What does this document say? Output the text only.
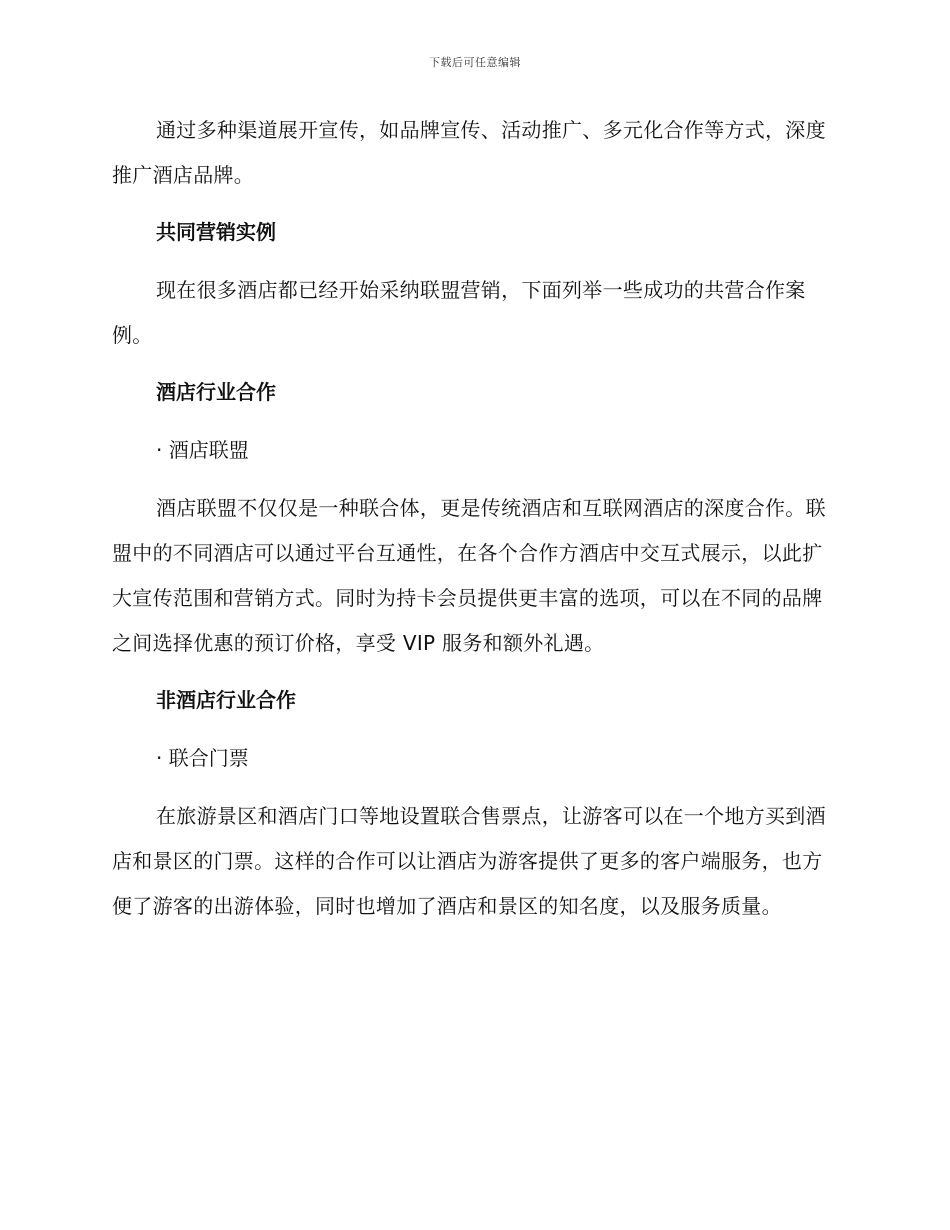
下载后可任意编辑

通过多种渠道展开宣传，如品牌宣传、活动推广、多元化合作等方式，深度推广酒店品牌。

共同营销实例

现在很多酒店都已经开始采纳联盟营销，下面列举一些成功的共营合作案例。

酒店行业合作
· 酒店联盟

酒店联盟不仅仅是一种联合体，更是传统酒店和互联网酒店的深度合作。联盟中的不同酒店可以通过平台互通性，在各个合作方酒店中交互式展示，以此扩大宣传范围和营销方式。同时为持卡会员提供更丰富的选项，可以在不同的品牌之间选择优惠的预订价格，享受 VIP 服务和额外礼遇。

非酒店行业合作
· 联合门票

在旅游景区和酒店门口等地设置联合售票点，让游客可以在一个地方买到酒店和景区的门票。这样的合作可以让酒店为游客提供了更多的客户端服务，也方便了游客的出游体验，同时也增加了酒店和景区的知名度，以及服务质量。
